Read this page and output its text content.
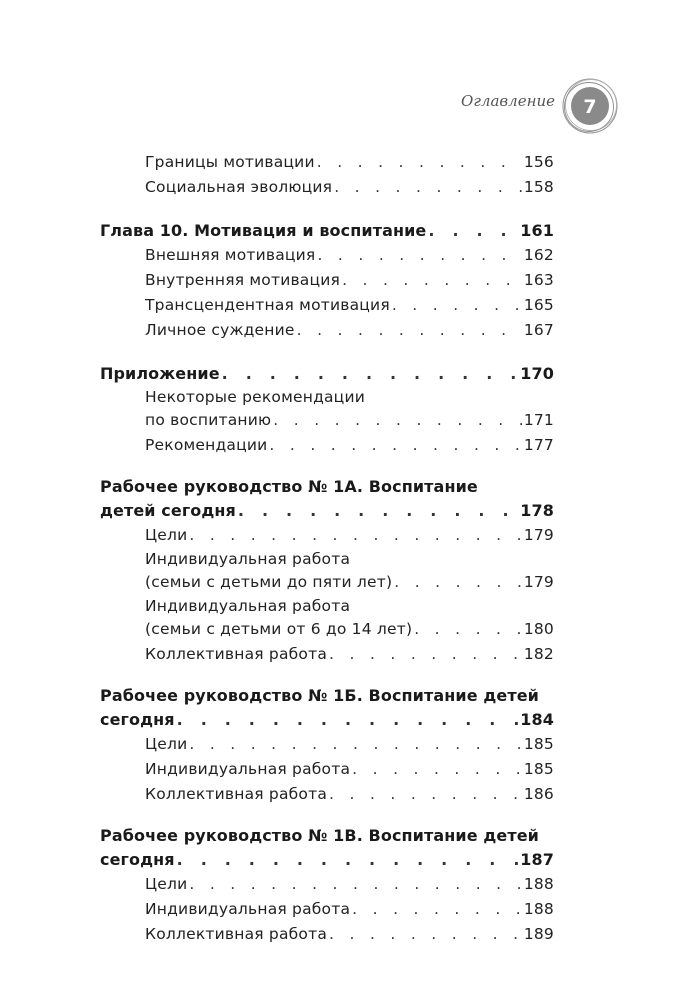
Оглавление 7
Границы мотивации . . .	156
Социальная эволюция . . .	158
Глава 10. Мотивация и воспитание . . .	161
Внешняя мотивация . . .	162
Внутренняя мотивация . . .	163
Трансцендентная мотивация . . .	165
Личное суждение . . .	167
Приложение . . .	170
Некоторые рекомендации
по воспитанию . . .	171
Рекомендации . . .	177
Рабочее руководство № 1А. Воспитание
детей сегодня . . .	178
Цели . . .	179
Индивидуальная работа
(семьи с детьми до пяти лет) . . .	179
Индивидуальная работа
(семьи с детьми от 6 до 14 лет) . . .	180
Коллективная работа . . .	182
Рабочее руководство № 1Б. Воспитание детей
сегодня . . .	184
Цели . . .	185
Индивидуальная работа . . .	185
Коллективная работа . . .	186
Рабочее руководство № 1В. Воспитание детей
сегодня . . .	187
Цели . . .	188
Индивидуальная работа . . .	188
Коллективная работа . . .	189
